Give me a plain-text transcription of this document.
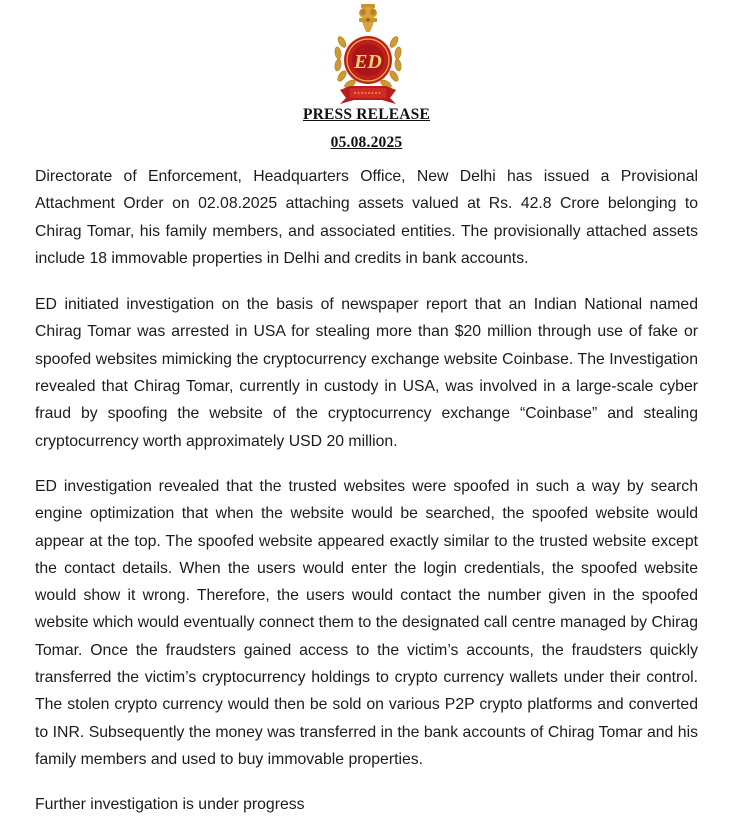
ED
PRESS RELEASE
05.08.2025

Directorate of Enforcement, Headquarters Office, New Delhi has issued a Provisional Attachment Order on 02.08.2025 attaching assets valued at Rs. 42.8 Crore belonging to Chirag Tomar, his family members, and associated entities. The provisionally attached assets include 18 immovable properties in Delhi and credits in bank accounts.

ED initiated investigation on the basis of newspaper report that an Indian National named Chirag Tomar was arrested in USA for stealing more than $20 million through use of fake or spoofed websites mimicking the cryptocurrency exchange website Coinbase. The Investigation revealed that Chirag Tomar, currently in custody in USA, was involved in a large-scale cyber fraud by spoofing the website of the cryptocurrency exchange “Coinbase” and stealing cryptocurrency worth approximately USD 20 million.

ED investigation revealed that the trusted websites were spoofed in such a way by search engine optimization that when the website would be searched, the spoofed website would appear at the top. The spoofed website appeared exactly similar to the trusted website except the contact details. When the users would enter the login credentials, the spoofed website would show it wrong. Therefore, the users would contact the number given in the spoofed website which would eventually connect them to the designated call centre managed by Chirag Tomar. Once the fraudsters gained access to the victim’s accounts, the fraudsters quickly transferred the victim’s cryptocurrency holdings to crypto currency wallets under their control. The stolen crypto currency would then be sold on various P2P crypto platforms and converted to INR. Subsequently the money was transferred in the bank accounts of Chirag Tomar and his family members and used to buy immovable properties.

Further investigation is under progress
